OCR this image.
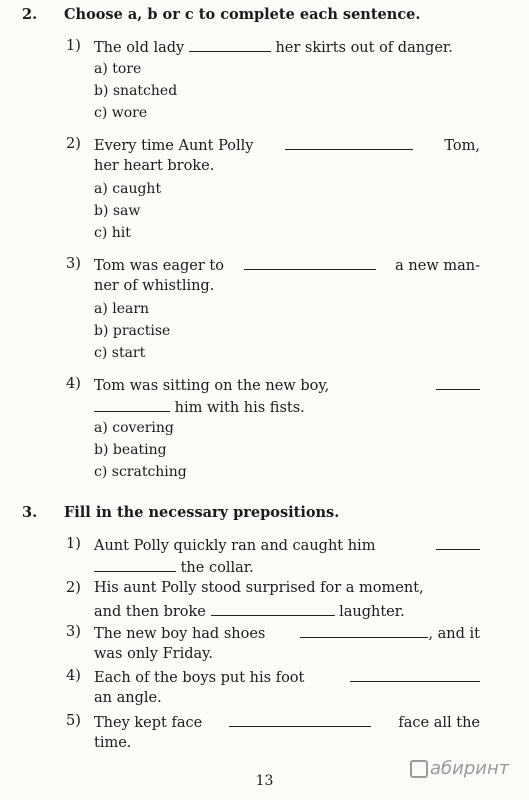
2. Choose a, b or c to complete each sentence.
1) The old lady	her skirts out of danger.
a) tore
b) snatched
c) wore
2) Every time Aunt Polly	Tom,
her heart broke.
a) caught
b) saw
c) hit
3) Tom was eager to	a new man-
ner of whistling.
a) learn
b) practise
c) start
4) Tom was sitting on the new boy,
him with his fists.
a) covering
b) beating
c) scratching
3. Fill in the necessary prepositions.
1) Aunt Polly quickly ran and caught him
the collar.
2) His aunt Polly stood surprised for a moment,
and then broke	laughter.
3) The new boy had shoes	, and it
was only Friday.
4) Each of the boys put his foot
an angle.
5) They kept face	face all the
time.
13
абиринт
